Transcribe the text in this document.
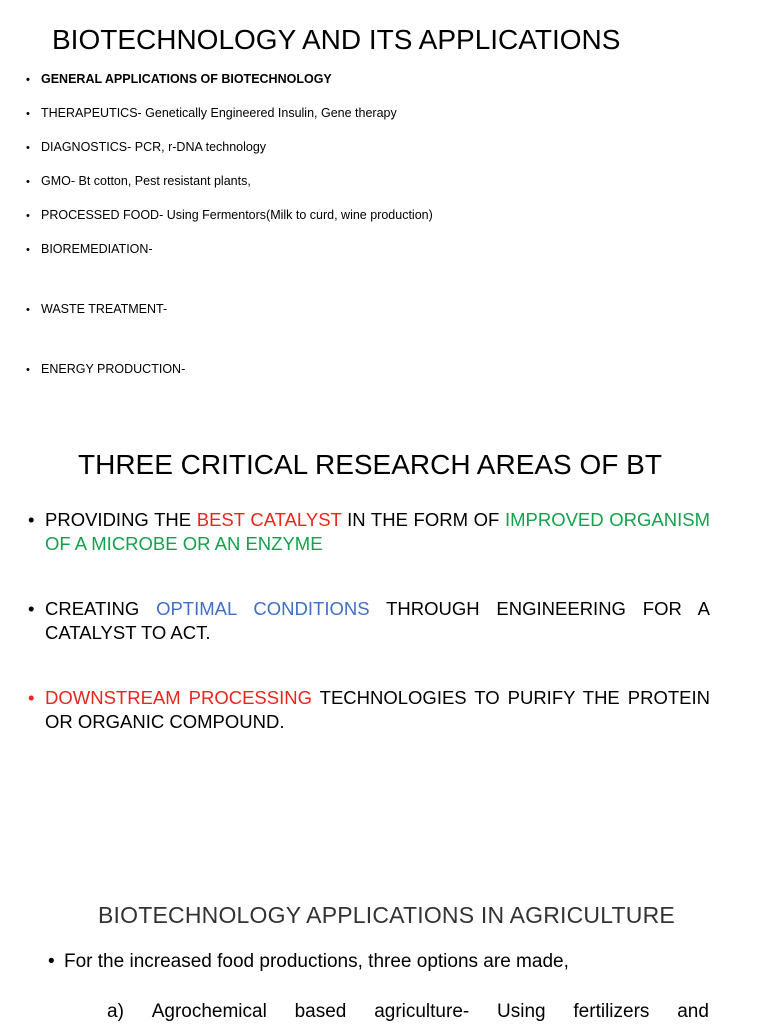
BIOTECHNOLOGY AND ITS APPLICATIONS
• GENERAL APPLICATIONS OF BIOTECHNOLOGY
• THERAPEUTICS- Genetically Engineered Insulin, Gene therapy
• DIAGNOSTICS- PCR, r-DNA technology
• GMO- Bt cotton, Pest resistant plants,
• PROCESSED FOOD- Using Fermentors(Milk to curd, wine production)
• BIOREMEDIATION-
• WASTE TREATMENT-
• ENERGY PRODUCTION-
THREE CRITICAL RESEARCH AREAS OF BT
• PROVIDING THE BEST CATALYST IN THE FORM OF IMPROVED ORGANISM OF A MICROBE OR AN ENZYME
• CREATING OPTIMAL CONDITIONS THROUGH ENGINEERING FOR A CATALYST TO ACT.
• DOWNSTREAM PROCESSING TECHNOLOGIES TO PURIFY THE PROTEIN OR ORGANIC COMPOUND.
BIOTECHNOLOGY APPLICATIONS IN AGRICULTURE
• For the increased food productions, three options are made,
a) Agrochemical based agriculture- Using fertilizers and
